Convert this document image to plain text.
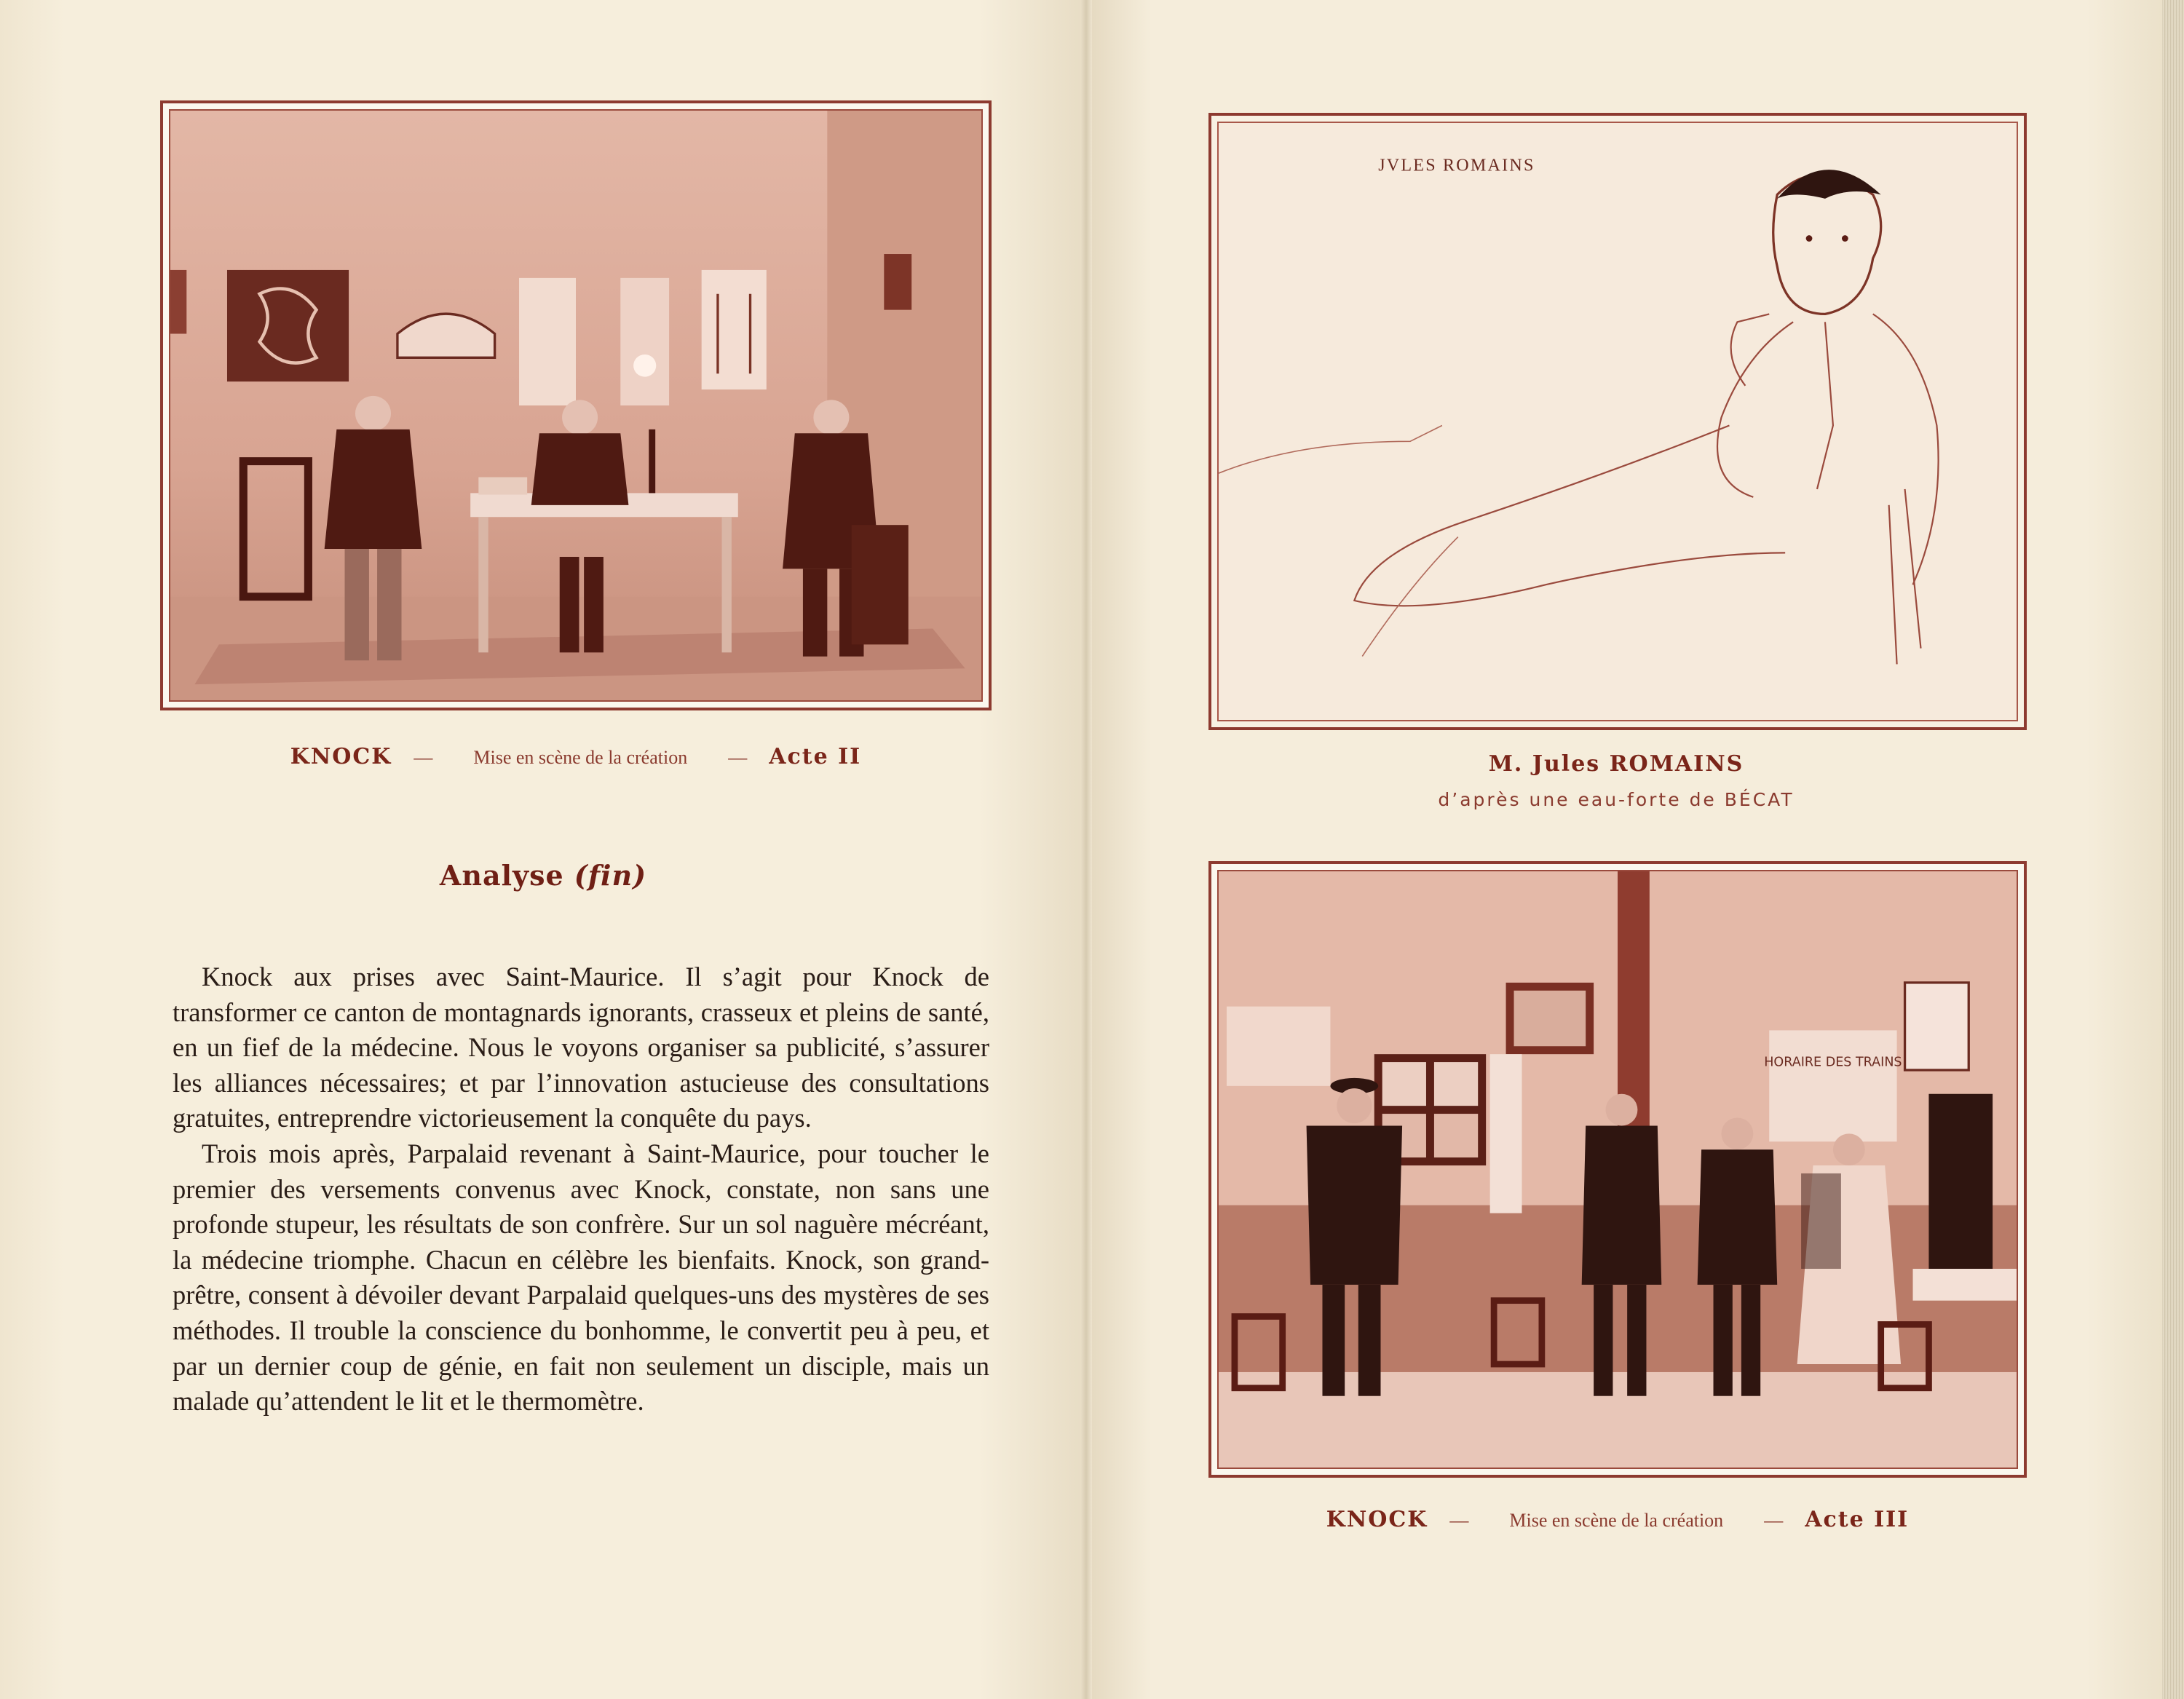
KNOCK — Mise en scène de la création — Acte II
Analyse (fin)

Knock aux prises avec Saint-Maurice. Il s’agit pour Knock de transformer ce canton de montagnards ignorants, crasseux et pleins de santé, en un fief de la médecine. Nous le voyons organiser sa publicité, s’assurer les alliances nécessaires; et par l’innovation astucieuse des consultations gratuites, entreprendre victorieusement la conquête du pays.

Trois mois après, Parpalaid revenant à Saint-Maurice, pour toucher le premier des versements convenus avec Knock, constate, non sans une profonde stupeur, les résultats de son confrère. Sur un sol naguère mécréant, la médecine triomphe. Chacun en célèbre les bienfaits. Knock, son grand-prêtre, consent à dévoiler devant Parpalaid quelques-uns des mystères de ses méthodes. Il trouble la conscience du bonhomme, le convertit peu à peu, et par un dernier coup de génie, en fait non seulement un disciple, mais un malade qu’attendent le lit et le thermomètre.

JVLES ROMAINS
M. Jules ROMAINS
d’après une eau-forte de BÉCAT
HORAIRE DES TRAINS
KNOCK — Mise en scène de la création — Acte III
